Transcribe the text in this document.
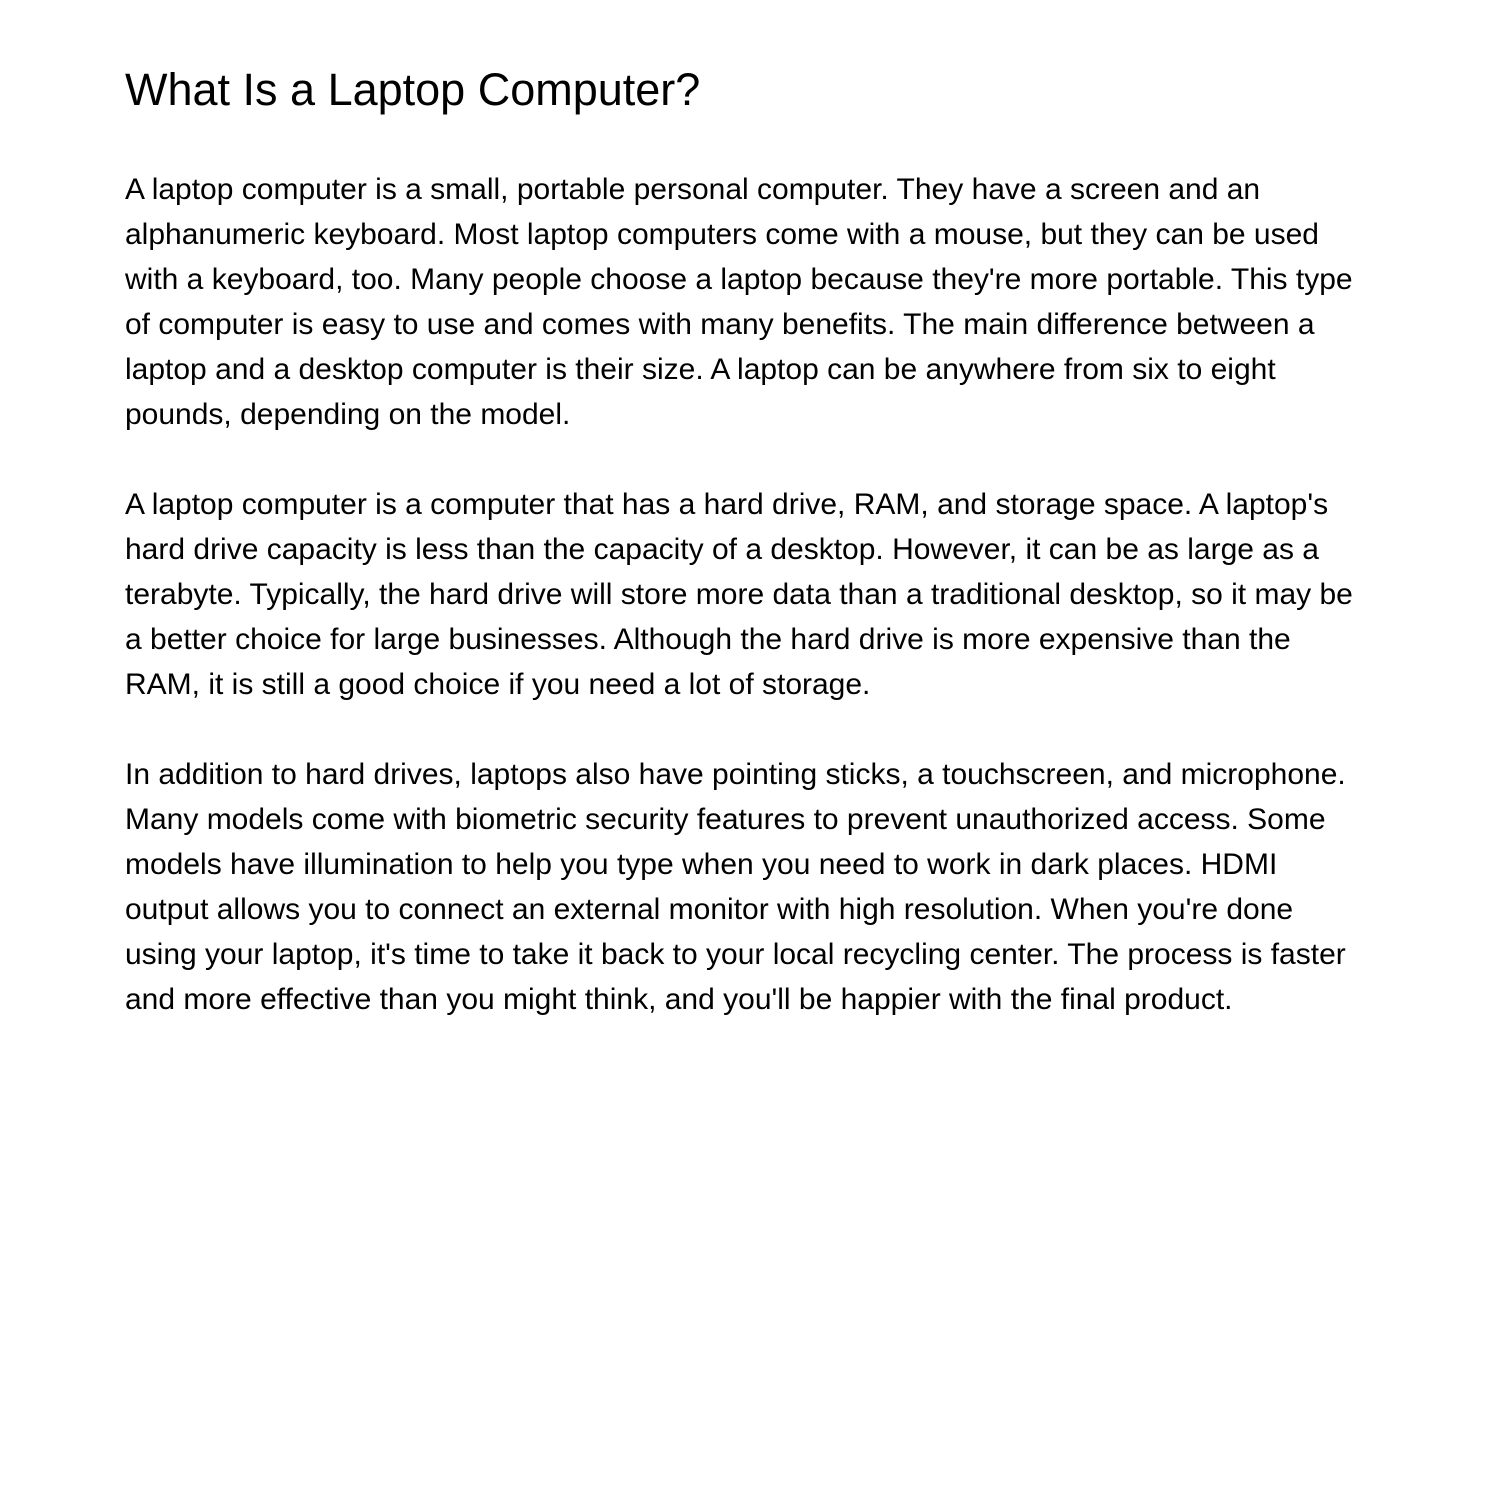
What Is a Laptop Computer?

A laptop computer is a small, portable personal computer. They have a screen and an alphanumeric keyboard. Most laptop computers come with a mouse, but they can be used with a keyboard, too. Many people choose a laptop because they're more portable. This type of computer is easy to use and comes with many benefits. The main difference between a laptop and a desktop computer is their size. A laptop can be anywhere from six to eight pounds, depending on the model.

A laptop computer is a computer that has a hard drive, RAM, and storage space. A laptop's hard drive capacity is less than the capacity of a desktop. However, it can be as large as a terabyte. Typically, the hard drive will store more data than a traditional desktop, so it may be a better choice for large businesses. Although the hard drive is more expensive than the RAM, it is still a good choice if you need a lot of storage.

In addition to hard drives, laptops also have pointing sticks, a touchscreen, and microphone. Many models come with biometric security features to prevent unauthorized access. Some models have illumination to help you type when you need to work in dark places. HDMI output allows you to connect an external monitor with high resolution. When you're done using your laptop, it's time to take it back to your local recycling center. The process is faster and more effective than you might think, and you'll be happier with the final product.
